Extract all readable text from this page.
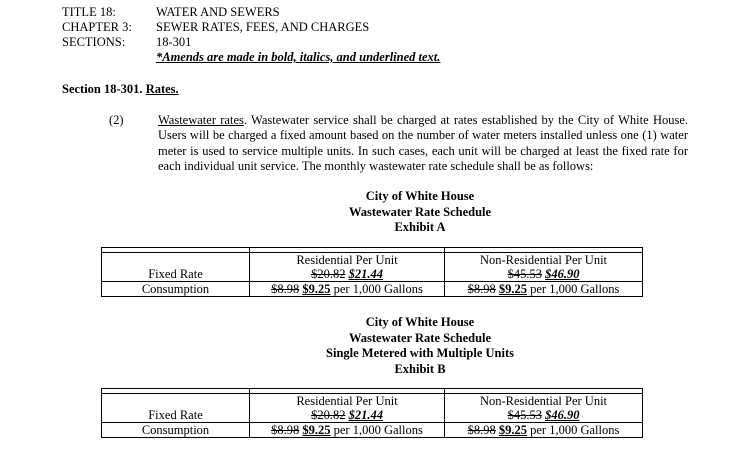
TITLE 18:	WATER AND SEWERS
CHAPTER 3: SEWER RATES, FEES, AND CHARGES
SECTIONS: 18-301
*Amends are made in bold, italics, and underlined text.
Section 18-301. Rates.
(2)	Wastewater rates. Wastewater service shall be charged at rates established by the City of White House. Users will be charged a fixed amount based on the number of water meters installed unless one (1) water meter is used to service multiple units. In such cases, each unit will be charged at least the fixed rate for each individual unit service. The monthly wastewater rate schedule shall be as follows:
City of White House
Wastewater Rate Schedule
Exhibit A

	Residential Per Unit	Non-Residential Per Unit
Fixed Rate	$20.82 $21.44	$45.53 $46.90
Consumption	$8.98 $9.25 per 1,000 Gallons	$8.98 $9.25 per 1,000 Gallons
City of White House
Wastewater Rate Schedule
Single Metered with Multiple Units
Exhibit B

	Residential Per Unit	Non-Residential Per Unit
Fixed Rate	$20.82 $21.44	$45.53 $46.90
Consumption	$8.98 $9.25 per 1,000 Gallons	$8.98 $9.25 per 1,000 Gallons
